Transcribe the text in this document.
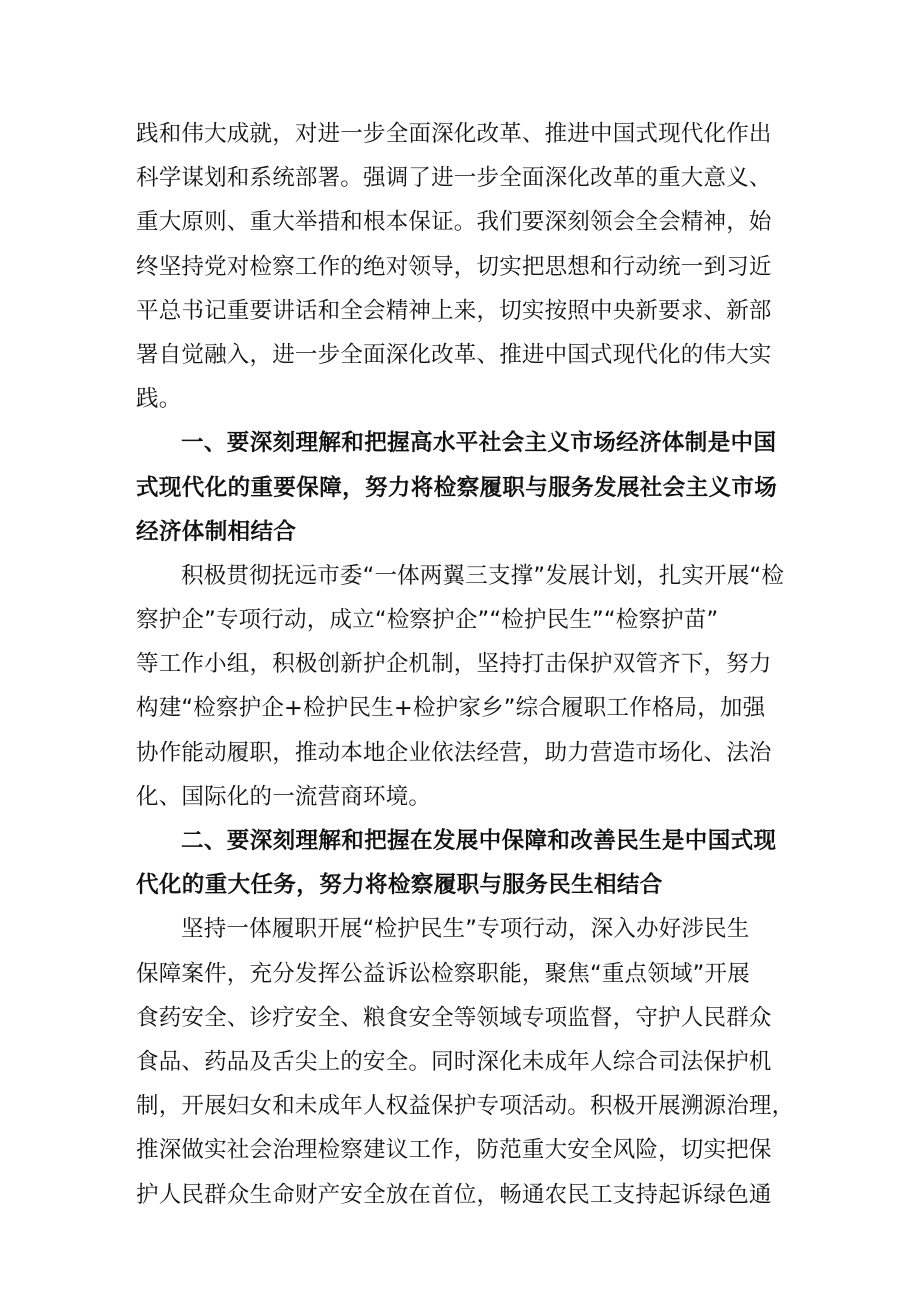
践和伟大成就，对进一步全面深化改革、推进中国式现代化作出
科学谋划和系统部署。强调了进一步全面深化改革的重大意义、
重大原则、重大举措和根本保证。我们要深刻领会全会精神，始
终坚持党对检察工作的绝对领导，切实把思想和行动统一到习近
平总书记重要讲话和全会精神上来，切实按照中央新要求、新部
署自觉融入，进一步全面深化改革、推进中国式现代化的伟大实
践。
一、要深刻理解和把握高水平社会主义市场经济体制是中国
式现代化的重要保障，努力将检察履职与服务发展社会主义市场
经济体制相结合
积极贯彻抚远市委“一体两翼三支撑”发展计划，扎实开展“检
察护企”专项行动，成立“检察护企”“检护民生”“检察护苗”
等工作小组，积极创新护企机制，坚持打击保护双管齐下，努力
构建“检察护企+检护民生+检护家乡”综合履职工作格局，加强
协作能动履职，推动本地企业依法经营，助力营造市场化、法治
化、国际化的一流营商环境。
二、要深刻理解和把握在发展中保障和改善民生是中国式现
代化的重大任务，努力将检察履职与服务民生相结合
坚持一体履职开展“检护民生”专项行动，深入办好涉民生
保障案件，充分发挥公益诉讼检察职能，聚焦“重点领域”开展
食药安全、诊疗安全、粮食安全等领域专项监督，守护人民群众
食品、药品及舌尖上的安全。同时深化未成年人综合司法保护机
制，开展妇女和未成年人权益保护专项活动。积极开展溯源治理，
推深做实社会治理检察建议工作，防范重大安全风险，切实把保
护人民群众生命财产安全放在首位，畅通农民工支持起诉绿色通
